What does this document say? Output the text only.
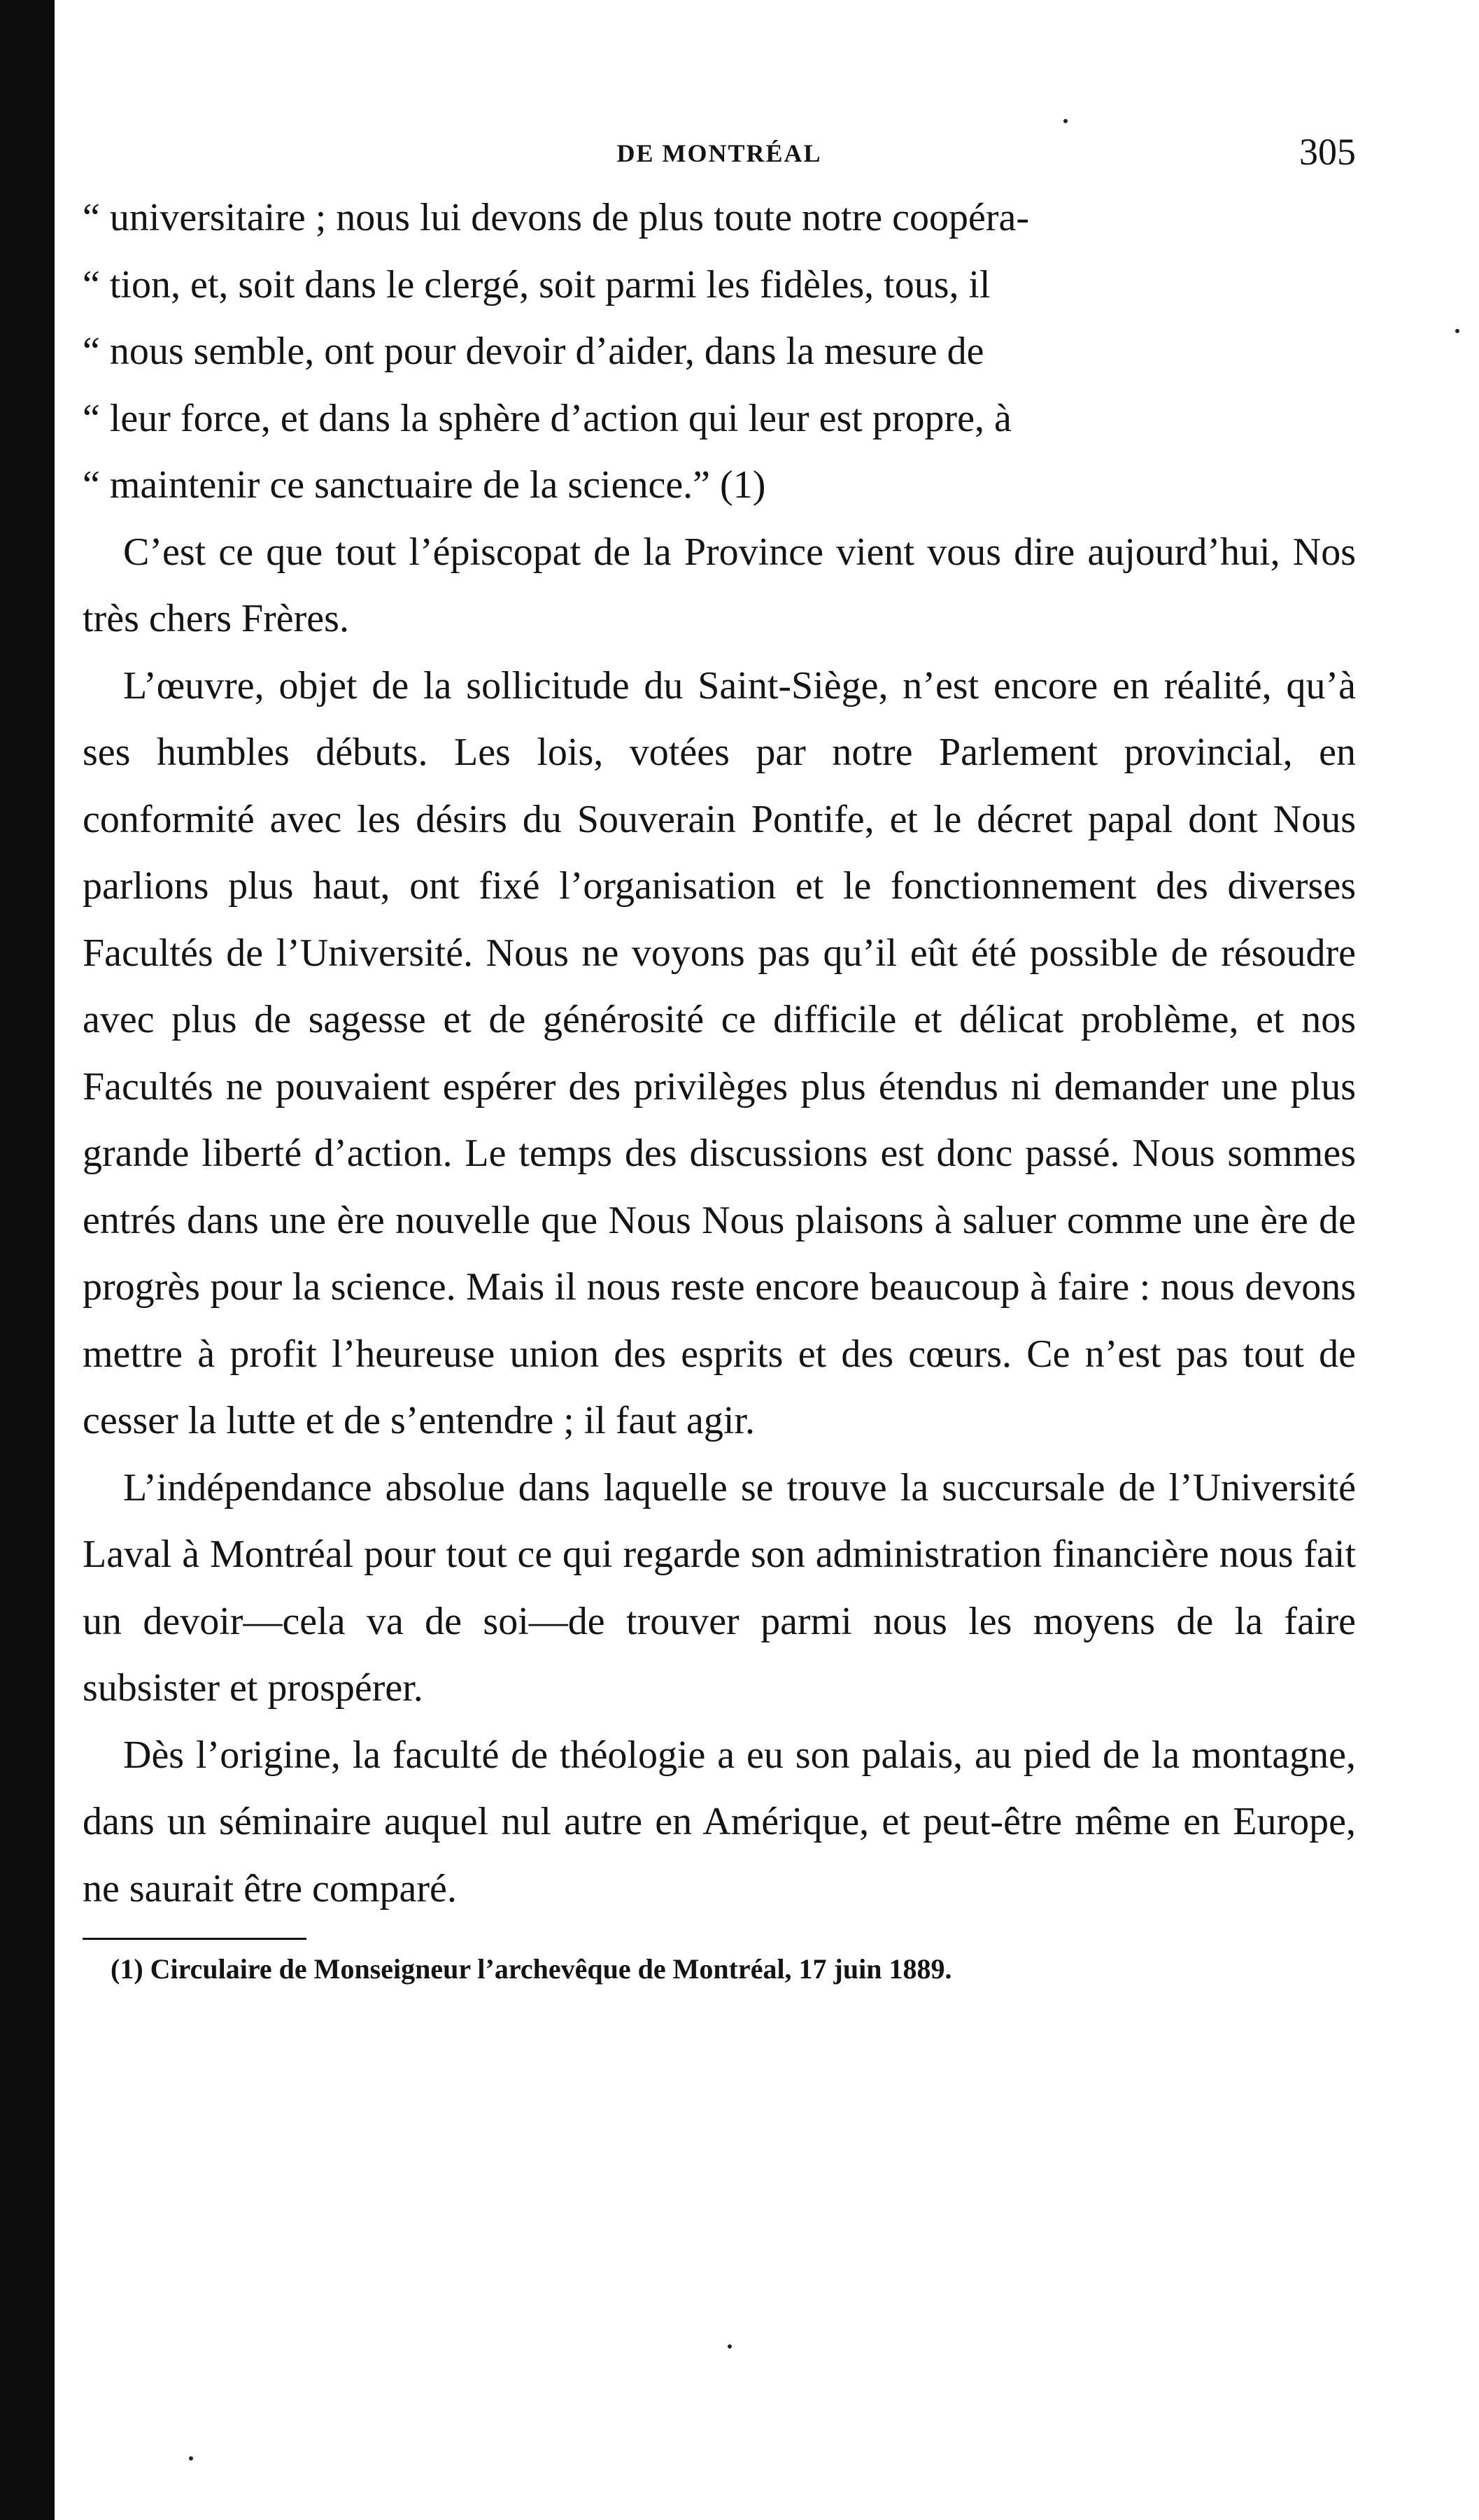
DE MONTRÉAL	305

“ universitaire ; nous lui devons de plus toute notre coopéra-

“ tion, et, soit dans le clergé, soit parmi les fidèles, tous, il

“ nous semble, ont pour devoir d’aider, dans la mesure de

“ leur force, et dans la sphère d’action qui leur est propre, à

“ maintenir ce sanctuaire de la science.” (1)

C’est ce que tout l’épiscopat de la Province vient vous dire aujourd’hui, Nos très chers Frères.

L’œuvre, objet de la sollicitude du Saint-Siège, n’est encore en réalité, qu’à ses humbles débuts. Les lois, votées par notre Parlement provincial, en conformité avec les désirs du Souverain Pontife, et le décret papal dont Nous parlions plus haut, ont fixé l’organisation et le fonctionnement des diverses Facultés de l’Université. Nous ne voyons pas qu’il eût été possible de résoudre avec plus de sagesse et de générosité ce difficile et délicat problème, et nos Facultés ne pouvaient espérer des privilèges plus étendus ni demander une plus grande liberté d’action. Le temps des discussions est donc passé. Nous sommes entrés dans une ère nouvelle que Nous Nous plaisons à saluer comme une ère de progrès pour la science. Mais il nous reste encore beaucoup à faire : nous devons mettre à profit l’heureuse union des esprits et des cœurs. Ce n’est pas tout de cesser la lutte et de s’entendre ; il faut agir.

L’indépendance absolue dans laquelle se trouve la succursale de l’Université Laval à Montréal pour tout ce qui regarde son administration financière nous fait un devoir—cela va de soi—de trouver parmi nous les moyens de la faire subsister et prospérer.

Dès l’origine, la faculté de théologie a eu son palais, au pied de la montagne, dans un séminaire auquel nul autre en Amérique, et peut-être même en Europe, ne saurait être comparé.

(1) Circulaire de Monseigneur l’archevêque de Montréal, 17 juin 1889.
